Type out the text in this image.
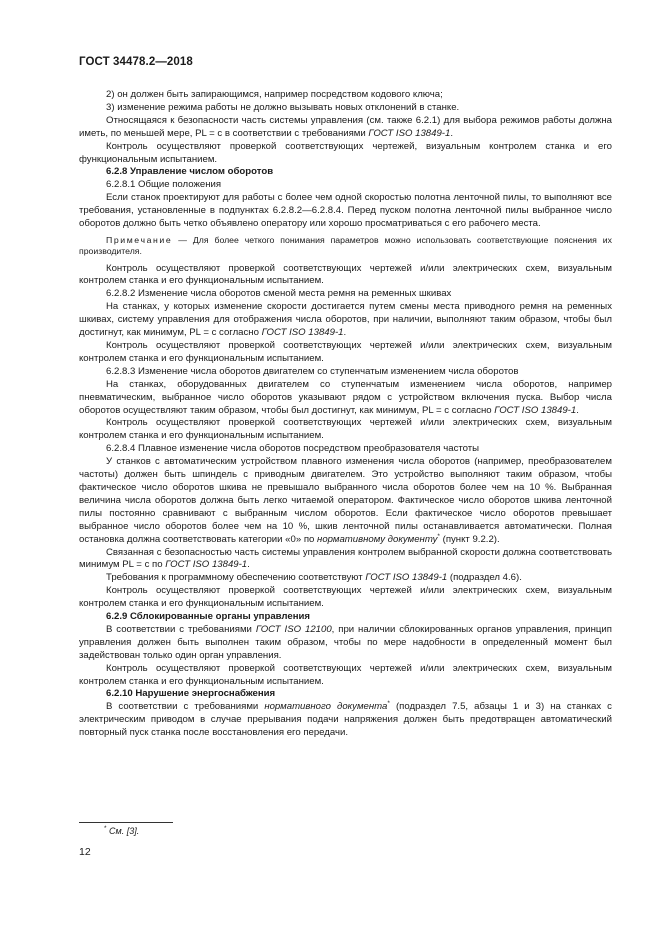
ГОСТ 34478.2—2018

2) он должен быть запирающимся, например посредством кодового ключа;

3) изменение режима работы не должно вызывать новых отклонений в станке.

Относящаяся к безопасности часть системы управления (см. также 6.2.1) для выбора режимов работы должна иметь, по меньшей мере, PL = с в соответствии с требованиями ГОСТ ISO 13849-1.

Контроль осуществляют проверкой соответствующих чертежей, визуальным контролем станка и его функциональным испытанием.

6.2.8 Управление числом оборотов

6.2.8.1 Общие положения

Если станок проектируют для работы с более чем одной скоростью полотна ленточной пилы, то выполняют все требования, установленные в подпунктах 6.2.8.2—6.2.8.4. Перед пуском полотна ленточной пилы выбранное число оборотов должно быть четко объявлено оператору или хорошо просматриваться с его рабочего места.

Примечание — Для более четкого понимания параметров можно использовать соответствующие пояснения их производителя.

Контроль осуществляют проверкой соответствующих чертежей и/или электрических схем, визуальным контролем станка и его функциональным испытанием.

6.2.8.2 Изменение числа оборотов сменой места ремня на ременных шкивах

На станках, у которых изменение скорости достигается путем смены места приводного ремня на ременных шкивах, систему управления для отображения числа оборотов, при наличии, выполняют таким образом, чтобы был достигнут, как минимум, PL = с согласно ГОСТ ISO 13849-1.

Контроль осуществляют проверкой соответствующих чертежей и/или электрических схем, визуальным контролем станка и его функциональным испытанием.

6.2.8.3 Изменение числа оборотов двигателем со ступенчатым изменением числа оборотов

На станках, оборудованных двигателем со ступенчатым изменением числа оборотов, например пневматическим, выбранное число оборотов указывают рядом с устройством включения пуска. Выбор числа оборотов осуществляют таким образом, чтобы был достигнут, как минимум, PL = с согласно ГОСТ ISO 13849-1.

Контроль осуществляют проверкой соответствующих чертежей и/или электрических схем, визуальным контролем станка и его функциональным испытанием.

6.2.8.4 Плавное изменение числа оборотов посредством преобразователя частоты

У станков с автоматическим устройством плавного изменения числа оборотов (например, преобразователем частоты) должен быть шпиндель с приводным двигателем. Это устройство выполняют таким образом, чтобы фактическое число оборотов шкива не превышало выбранного числа оборотов более чем на 10 %. Выбранная величина числа оборотов должна быть легко читаемой оператором. Фактическое число оборотов шкива ленточной пилы постоянно сравнивают с выбранным числом оборотов. Если фактическое число оборотов превышает выбранное число оборотов более чем на 10 %, шкив ленточной пилы останавливается автоматически. Полная остановка должна соответствовать категории «0» по нормативному документу* (пункт 9.2.2).

Связанная с безопасностью часть системы управления контролем выбранной скорости должна соответствовать минимум PL = с по ГОСТ ISO 13849-1.

Требования к программному обеспечению соответствуют ГОСТ ISO 13849-1 (подраздел 4.6).

Контроль осуществляют проверкой соответствующих чертежей и/или электрических схем, визуальным контролем станка и его функциональным испытанием.

6.2.9 Сблокированные органы управления

В соответствии с требованиями ГОСТ ISO 12100, при наличии сблокированных органов управления, принцип управления должен быть выполнен таким образом, чтобы по мере надобности в определенный момент был задействован только один орган управления.

Контроль осуществляют проверкой соответствующих чертежей и/или электрических схем, визуальным контролем станка и его функциональным испытанием.

6.2.10 Нарушение энергоснабжения

В соответствии с требованиями нормативного документа* (подраздел 7.5, абзацы 1 и 3) на станках с электрическим приводом в случае прерывания подачи напряжения должен быть предотвращен автоматический повторный пуск станка после восстановления его передачи.

* См. [3].
12
